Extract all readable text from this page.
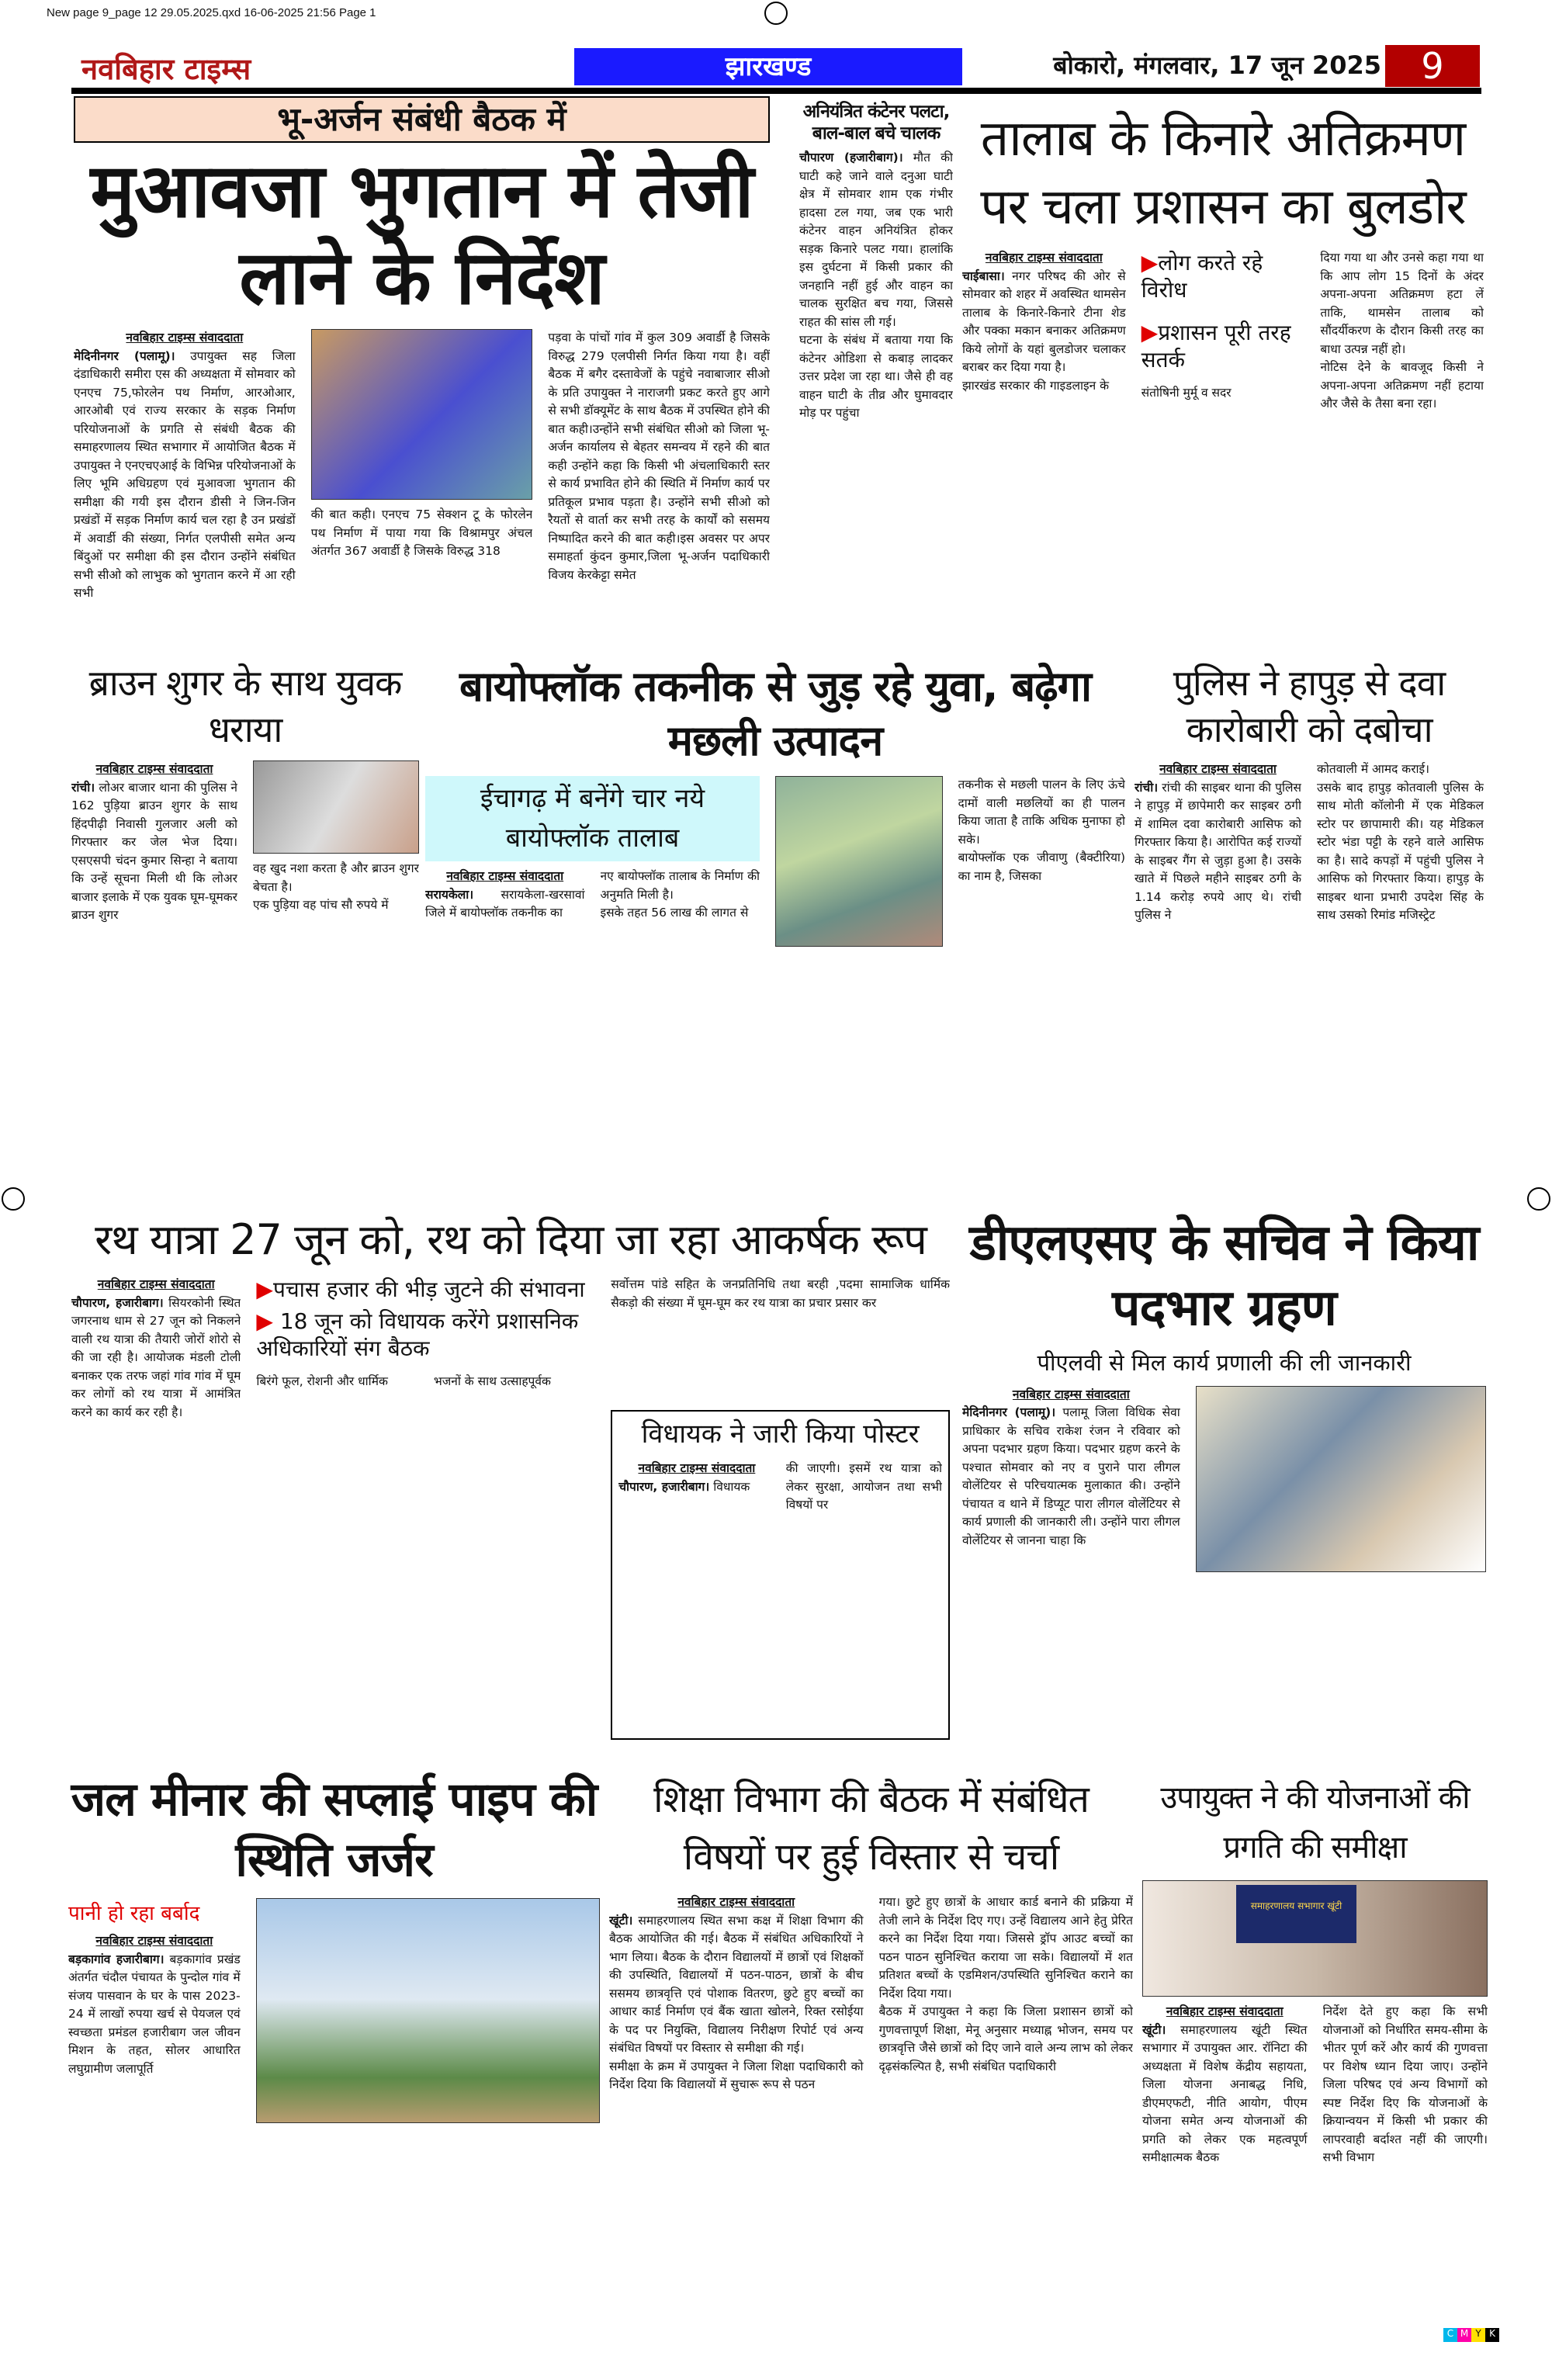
New page 9_page 12 29.05.2025.qxd 16-06-2025 21:56 Page 1
नवबिहार टाइम्स	झारखण्ड	बोकारो, मंगलवार, 17 जून 2025	9
भू-अर्जन संबंधी बैठक में
मुआवजा भुगतान में तेजी लाने के निर्देश
नवबिहार टाइम्स संवाददाता
मेदिनीनगर (पलामू)। उपायुक्त सह जिला दंडाधिकारी समीरा एस की अध्यक्षता में सोमवार को एनएच 75,फोरलेन पथ निर्माण, आरओआर, आरओबी एवं राज्य सरकार के सड़क निर्माण परियोजनाओं के प्रगति से संबंधी बैठक की समाहरणालय स्थित सभागार में आयोजित बैठक में उपायुक्त ने एनएचएआई के विभिन्न परियोजनाओं के लिए भूमि अधिग्रहण एवं मुआवजा भुगतान की समीक्षा की गयी इस दौरान डीसी ने जिन-जिन प्रखंडों में सड़क निर्माण कार्य चल रहा है उन प्रखंडों में अवार्डी की संख्या, निर्गत एलपीसी समेत अन्य बिंदुओं पर समीक्षा की इस दौरान उन्होंने संबंधित सभी सीओ को लाभुक को भुगतान करने में आ रही सभी
की बात कही। एनएच 75 सेक्शन टू के फोरलेन पथ निर्माण में पाया गया कि विश्रामपुर अंचल अंतर्गत 367 अवार्डी है जिसके विरुद्ध 318
पड़वा के पांचों गांव में कुल 309 अवार्डी है जिसके विरुद्ध 279 एलपीसी निर्गत किया गया है। वहीं बैठक में बगैर दस्तावेजों के पहुंचे नवाबाजार सीओ के प्रति उपायुक्त ने नाराजगी प्रकट करते हुए आगे से सभी डॉक्यूमेंट के साथ बैठक में उपस्थित होने की बात कही।उन्होंने सभी संबंधित सीओ को जिला भू-अर्जन कार्यालय से बेहतर समन्वय में रहने की बात कही उन्होंने कहा कि किसी भी अंचलाधिकारी स्तर से कार्य प्रभावित होने की स्थिति में निर्माण कार्य पर प्रतिकूल प्रभाव पड़ता है। उन्होंने सभी सीओ को रैयतों से वार्ता कर सभी तरह के कार्यों को ससमय निष्पादित करने की बात कही।इस अवसर पर अपर समाहर्ता कुंदन कुमार,जिला भू-अर्जन पदाधिकारी विजय केरकेट्टा समेत
अनियंत्रित कंटेनर पलटा, बाल-बाल बचे चालक
चौपारण (हजारीबाग)। मौत की घाटी कहे जाने वाले दनुआ घाटी क्षेत्र में सोमवार शाम एक गंभीर हादसा टल गया, जब एक भारी कंटेनर वाहन अनियंत्रित होकर सड़क किनारे पलट गया। हालांकि इस दुर्घटना में किसी प्रकार की जनहानि नहीं हुई और वाहन का चालक सुरक्षित बच गया, जिससे राहत की सांस ली गई।

घटना के संबंध में बताया गया कि कंटेनर ओडिशा से कबाड़ लादकर उत्तर प्रदेश जा रहा था। जैसे ही वह वाहन घाटी के तीव्र और घुमावदार मोड़ पर पहुंचा

तालाब के किनारे अतिक्रमण पर चला प्रशासन का बुलडोर
नवबिहार टाइम्स संवाददाता
चाईबासा। नगर परिषद की ओर से सोमवार को शहर में अवस्थित थामसेन तालाब के किनारे-किनारे टीना शेड और पक्का मकान बनाकर अतिक्रमण किये लोगों के यहां बुलडोजर चलाकर बराबर कर दिया गया है।

झारखंड सरकार की गाइडलाइन के

▶लोग करते रहे विरोध
▶प्रशासन पूरी तरह सतर्क
संतोषिनी मुर्मू व सदर
दिया गया था और उनसे कहा गया था कि आप लोग 15 दिनों के अंदर अपना-अपना अतिक्रमण हटा लें ताकि, थामसेन तालाब को सौंदर्यीकरण के दौरान किसी तरह का बाधा उत्पन्न नहीं हो।

नोटिस देने के बावजूद किसी ने अपना-अपना अतिक्रमण नहीं हटाया और जैसे के तैसा बना रहा।

ब्राउन शुगर के साथ युवक धराया
नवबिहार टाइम्स संवाददाता
रांची। लोअर बाजार थाना की पुलिस ने 162 पुड़िया ब्राउन शुगर के साथ हिंदपीढ़ी निवासी गुलजार अली को गिरफ्तार कर जेल भेज दिया। एसएसपी चंदन कुमार सिन्हा ने बताया कि उन्हें सूचना मिली थी कि लोअर बाजार इलाके में एक युवक घूम-घूमकर ब्राउन शुगर
वह खुद नशा करता है और ब्राउन शुगर बेचता है।

एक पुड़िया वह पांच सौ रुपये में

बायोफ्लॉक तकनीक से जुड़ रहे युवा, बढ़ेगा मछली उत्पादन
ईचागढ़ में बनेंगे चार नये बायोफ्लॉक तालाब
नवबिहार टाइम्स संवाददाता
सरायकेला। सरायकेला-खरसावां जिले में बायोफ्लॉक तकनीक का
नए बायोफ्लॉक तालाब के निर्माण की अनुमति मिली है।

इसके तहत 56 लाख की लागत से

तकनीक से मछली पालन के लिए ऊंचे दामों वाली मछलियों का ही पालन किया जाता है ताकि अधिक मुनाफा हो सके।

बायोफ्लॉक एक जीवाणु (बैक्टीरिया) का नाम है, जिसका

पुलिस ने हापुड़ से दवा कारोबारी को दबोचा
नवबिहार टाइम्स संवाददाता
रांची। रांची की साइबर थाना की पुलिस ने हापुड़ में छापेमारी कर साइबर ठगी में शामिल दवा कारोबारी आसिफ को गिरफ्तार किया है। आरोपित कई राज्यों के साइबर गैंग से जुड़ा हुआ है। उसके खाते में पिछले महीने साइबर ठगी के 1.14 करोड़ रुपये आए थे। रांची पुलिस ने
कोतवाली में आमद कराई।

उसके बाद हापुड़ कोतवाली पुलिस के साथ मोती कॉलोनी में एक मेडिकल स्टोर पर छापामारी की। यह मेडिकल स्टोर भंडा पट्टी के रहने वाले आसिफ का है। सादे कपड़ों में पहुंची पुलिस ने आसिफ को गिरफ्तार किया। हापुड़ के साइबर थाना प्रभारी उपदेश सिंह के साथ उसको रिमांड मजिस्ट्रेट

रथ यात्रा 27 जून को, रथ को दिया जा रहा आकर्षक रूप
नवबिहार टाइम्स संवाददाता
चौपारण, हजारीबाग। सियरकोनी स्थित जगरनाथ धाम से 27 जून को निकलने वाली रथ यात्रा की तैयारी जोरों शोरो से की जा रही है। आयोजक मंडली टोली बनाकर एक तरफ जहां गांव गांव में घूम कर लोगों को रथ यात्रा में आमंत्रित करने का कार्य कर रही है।
▶पचास हजार की भीड़ जुटने की संभावना
▶ 18 जून को विधायक करेंगे प्रशासनिक अधिकारियों संग बैठक
बिरंगे फूल, रोशनी और धार्मिक	भजनों के साथ उत्साहपूर्वक
सर्वोत्तम पांडे सहित के जनप्रतिनिधि तथा बरही ,पदमा सामाजिक धार्मिक सैकड़ो की संख्या में घूम-घूम कर रथ यात्रा का प्रचार प्रसार कर
विधायक ने जारी किया पोस्टर
नवबिहार टाइम्स संवाददाता
चौपारण, हजारीबाग। विधायक
की जाएगी। इसमें रथ यात्रा को लेकर सुरक्षा, आयोजन तथा सभी विषयों पर
डीएलएसए के सचिव ने किया पदभार ग्रहण
पीएलवी से मिल कार्य प्रणाली की ली जानकारी
नवबिहार टाइम्स संवाददाता
मेदिनीनगर (पलामू)। पलामू जिला विधिक सेवा प्राधिकार के सचिव राकेश रंजन ने रविवार को अपना पदभार ग्रहण किया। पदभार ग्रहण करने के पश्चात सोमवार को नए व पुराने पारा लीगल वोलेंटियर से परिचयात्मक मुलाकात की। उन्होंने पंचायत व थाने में डिप्यूट पारा लीगल वोलेंटियर से कार्य प्रणाली की जानकारी ली। उन्होंने पारा लीगल वोलेंटियर से जानना चाहा कि
जल मीनार की सप्लाई पाइप की स्थिति जर्जर
पानी हो रहा बर्बाद
नवबिहार टाइम्स संवाददाता
बड़कागांव हजारीबाग। बड़कागांव प्रखंड अंतर्गत चंदौल पंचायत के पुन्दोल गांव में संजय पासवान के घर के पास 2023-24 में लाखों रुपया खर्च से पेयजल एवं स्वच्छता प्रमंडल हजारीबाग जल जीवन मिशन के तहत, सोलर आधारित लघुग्रामीण जलापूर्ति
शिक्षा विभाग की बैठक में संबंधित विषयों पर हुई विस्तार से चर्चा
नवबिहार टाइम्स संवाददाता
खूंटी। समाहरणालय स्थित सभा कक्ष में शिक्षा विभाग की बैठक आयोजित की गई। बैठक में संबंधित अधिकारियों ने भाग लिया। बैठक के दौरान विद्यालयों में छात्रों एवं शिक्षकों की उपस्थिति, विद्यालयों में पठन-पाठन, छात्रों के बीच ससमय छात्रवृत्ति एवं पोशाक वितरण, छुटे हुए बच्चों का आधार कार्ड निर्माण एवं बैंक खाता खोलने, रिक्त रसोईया के पद पर नियुक्ति, विद्यालय निरीक्षण रिपोर्ट एवं अन्य संबंधित विषयों पर विस्तार से समीक्षा की गई।

समीक्षा के क्रम में उपायुक्त ने जिला शिक्षा पदाधिकारी को निर्देश दिया कि विद्यालयों में सुचारू रूप से पठन

गया। छुटे हुए छात्रों के आधार कार्ड बनाने की प्रक्रिया में तेजी लाने के निर्देश दिए गए। उन्हें विद्यालय आने हेतु प्रेरित करने का निर्देश दिया गया। जिससे ड्रॉप आउट बच्चों का पठन पाठन सुनिश्चित कराया जा सके। विद्यालयों में शत प्रतिशत बच्चों के एडमिशन/उपस्थिति सुनिश्चित कराने का निर्देश दिया गया।

बैठक में उपायुक्त ने कहा कि जिला प्रशासन छात्रों को गुणवत्तापूर्ण शिक्षा, मेनू अनुसार मध्याह्न भोजन, समय पर छात्रवृत्ति जैसे छात्रों को दिए जाने वाले अन्य लाभ को लेकर दृढ़संकल्पित है, सभी संबंधित पदाधिकारी

उपायुक्त ने की योजनाओं की प्रगति की समीक्षा
समाहरणालय सभागार खूंटी
नवबिहार टाइम्स संवाददाता
खूंटी। समाहरणालय खूंटी स्थित सभागार में उपायुक्त आर. रॉनिटा की अध्यक्षता में विशेष केंद्रीय सहायता, जिला योजना अनाबद्ध निधि, डीएमएफटी, नीति आयोग, पीएम योजना समेत अन्य योजनाओं की प्रगति को लेकर एक महत्वपूर्ण समीक्षात्मक बैठक
निर्देश देते हुए कहा कि सभी योजनाओं को निर्धारित समय-सीमा के भीतर पूर्ण करें और कार्य की गुणवत्ता पर विशेष ध्यान दिया जाए। उन्होंने जिला परिषद एवं अन्य विभागों को स्पष्ट निर्देश दिए कि योजनाओं के क्रियान्वयन में किसी भी प्रकार की लापरवाही बर्दाश्त नहीं की जाएगी। सभी विभाग
C M Y K
